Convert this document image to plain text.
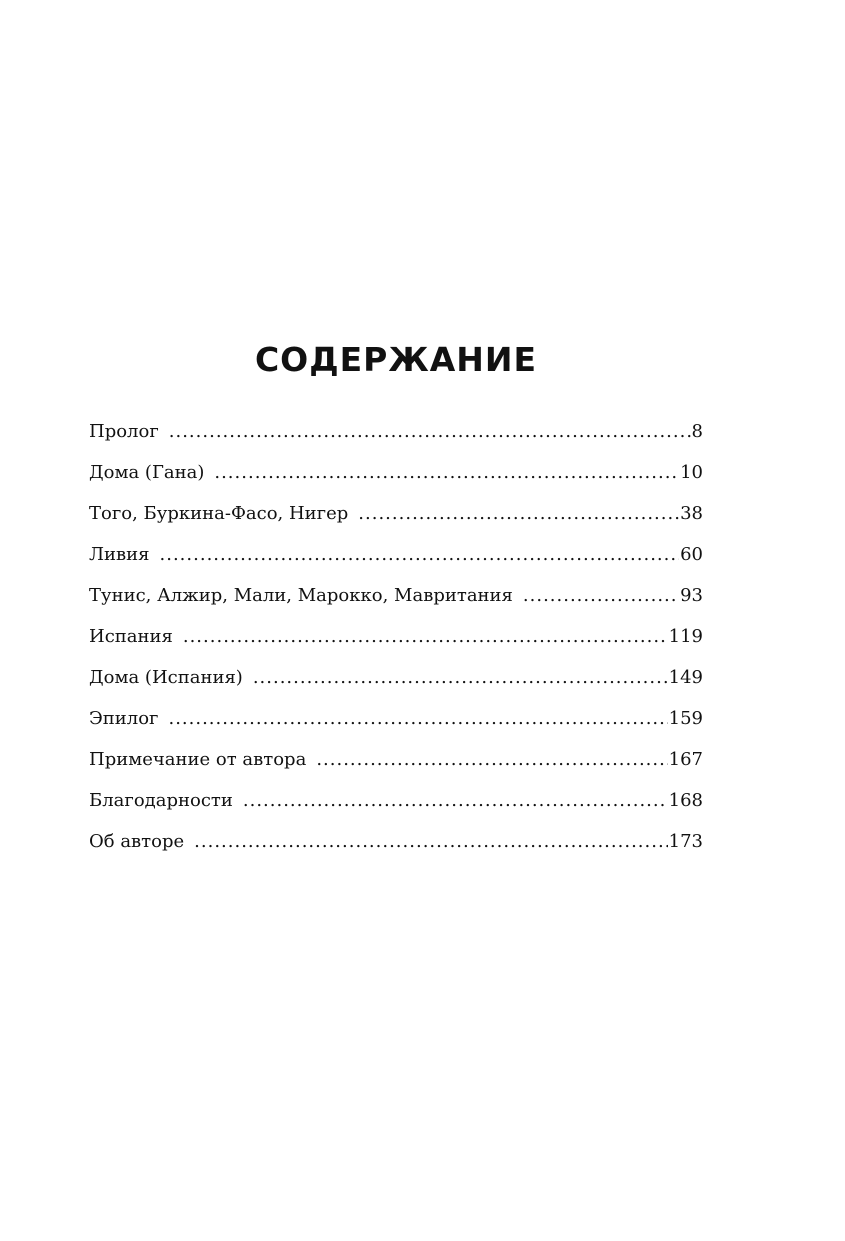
СОДЕРЖАНИЕ
Пролог .....	8
Дома (Гана) .....	10
Того, Буркина-Фасо, Нигер .....	38
Ливия .....	60
Тунис, Алжир, Мали, Марокко, Мавритания .....	93
Испания .....	119
Дома (Испания) .....	149
Эпилог .....	159
Примечание от автора .....	167
Благодарности .....	168
Об авторе .....	173
